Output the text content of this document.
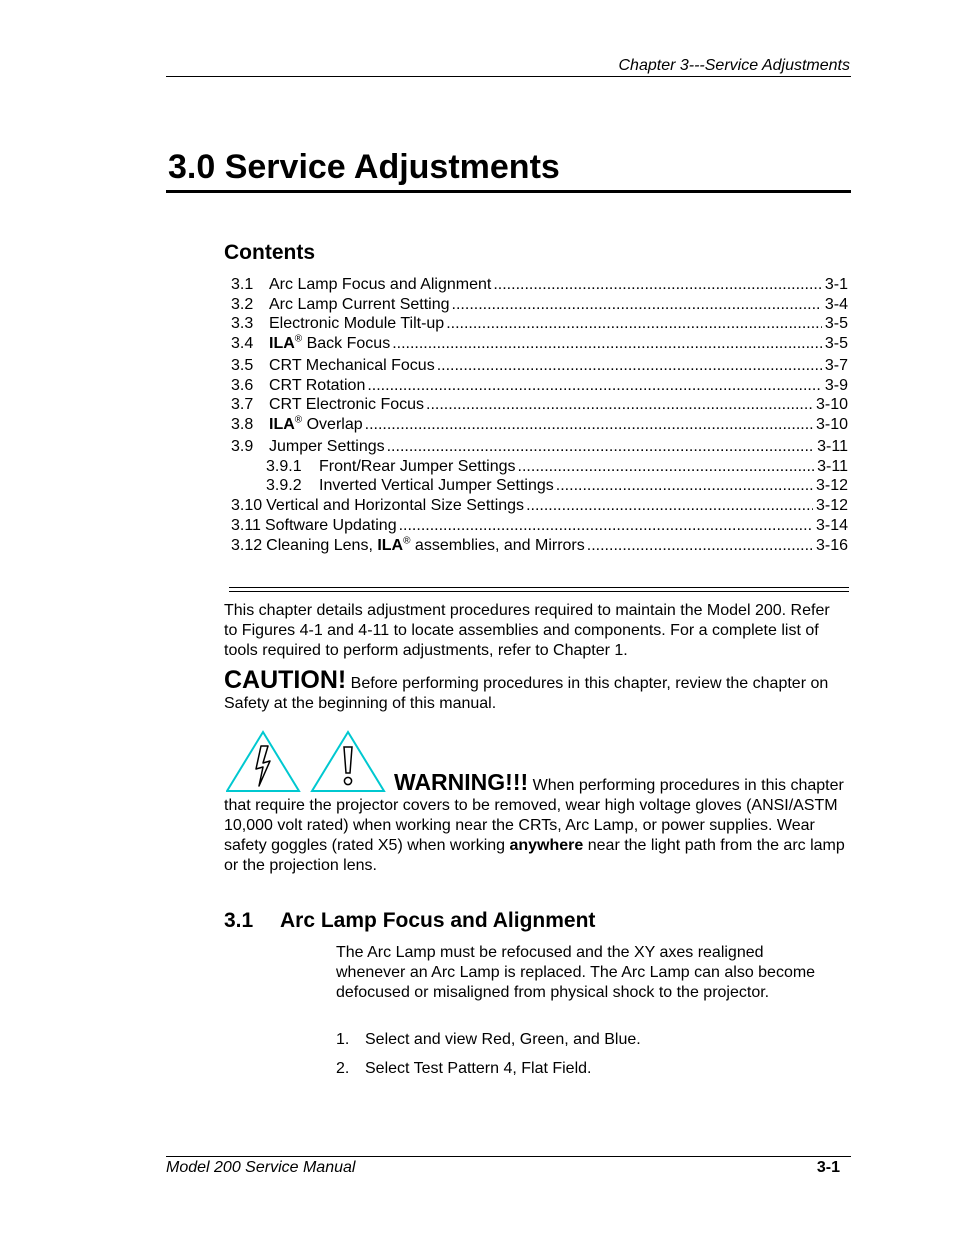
Chapter 3---Service Adjustments
3.0 Service Adjustments
Contents
3.1 Arc Lamp Focus and Alignment .....	3-1
3.2 Arc Lamp Current Setting .....	3-4
3.3 Electronic Module Tilt-up .....	3-5
3.4 ILA® Back Focus .....	3-5
3.5 CRT Mechanical Focus .....	3-7
3.6 CRT Rotation .....	3-9
3.7 CRT Electronic Focus .....	3-10
3.8 ILA® Overlap .....	3-10
3.9 Jumper Settings .....	3-11
3.9.1	Front/Rear Jumper Settings .....	3-11
3.9.2	Inverted Vertical Jumper Settings .....	3-12
3.10 Vertical and Horizontal Size Settings .....	3-12
3.11 Software Updating .....	3-14
3.12 Cleaning Lens, ILA® assemblies, and Mirrors .....	3-16
This chapter details adjustment procedures required to maintain the Model 200. Refer to Figures 4-1 and 4-11 to locate assemblies and components. For a complete list of tools required to perform adjustments, refer to Chapter 1.
CAUTION! Before performing procedures in this chapter, review the chapter on Safety at the beginning of this manual.
WARNING!!! When performing procedures in this chapter that require the projector covers to be removed, wear high voltage gloves (ANSI/ASTM 10,000 volt rated) when working near the CRTs, Arc Lamp, or power supplies. Wear safety goggles (rated X5) when working anywhere near the light path from the arc lamp or the projection lens.
3.1 Arc Lamp Focus and Alignment
The Arc Lamp must be refocused and the XY axes realigned whenever an Arc Lamp is replaced. The Arc Lamp can also become defocused or misaligned from physical shock to the projector.
1. Select and view Red, Green, and Blue.
2. Select Test Pattern 4, Flat Field.
Model 200 Service Manual	3-1
